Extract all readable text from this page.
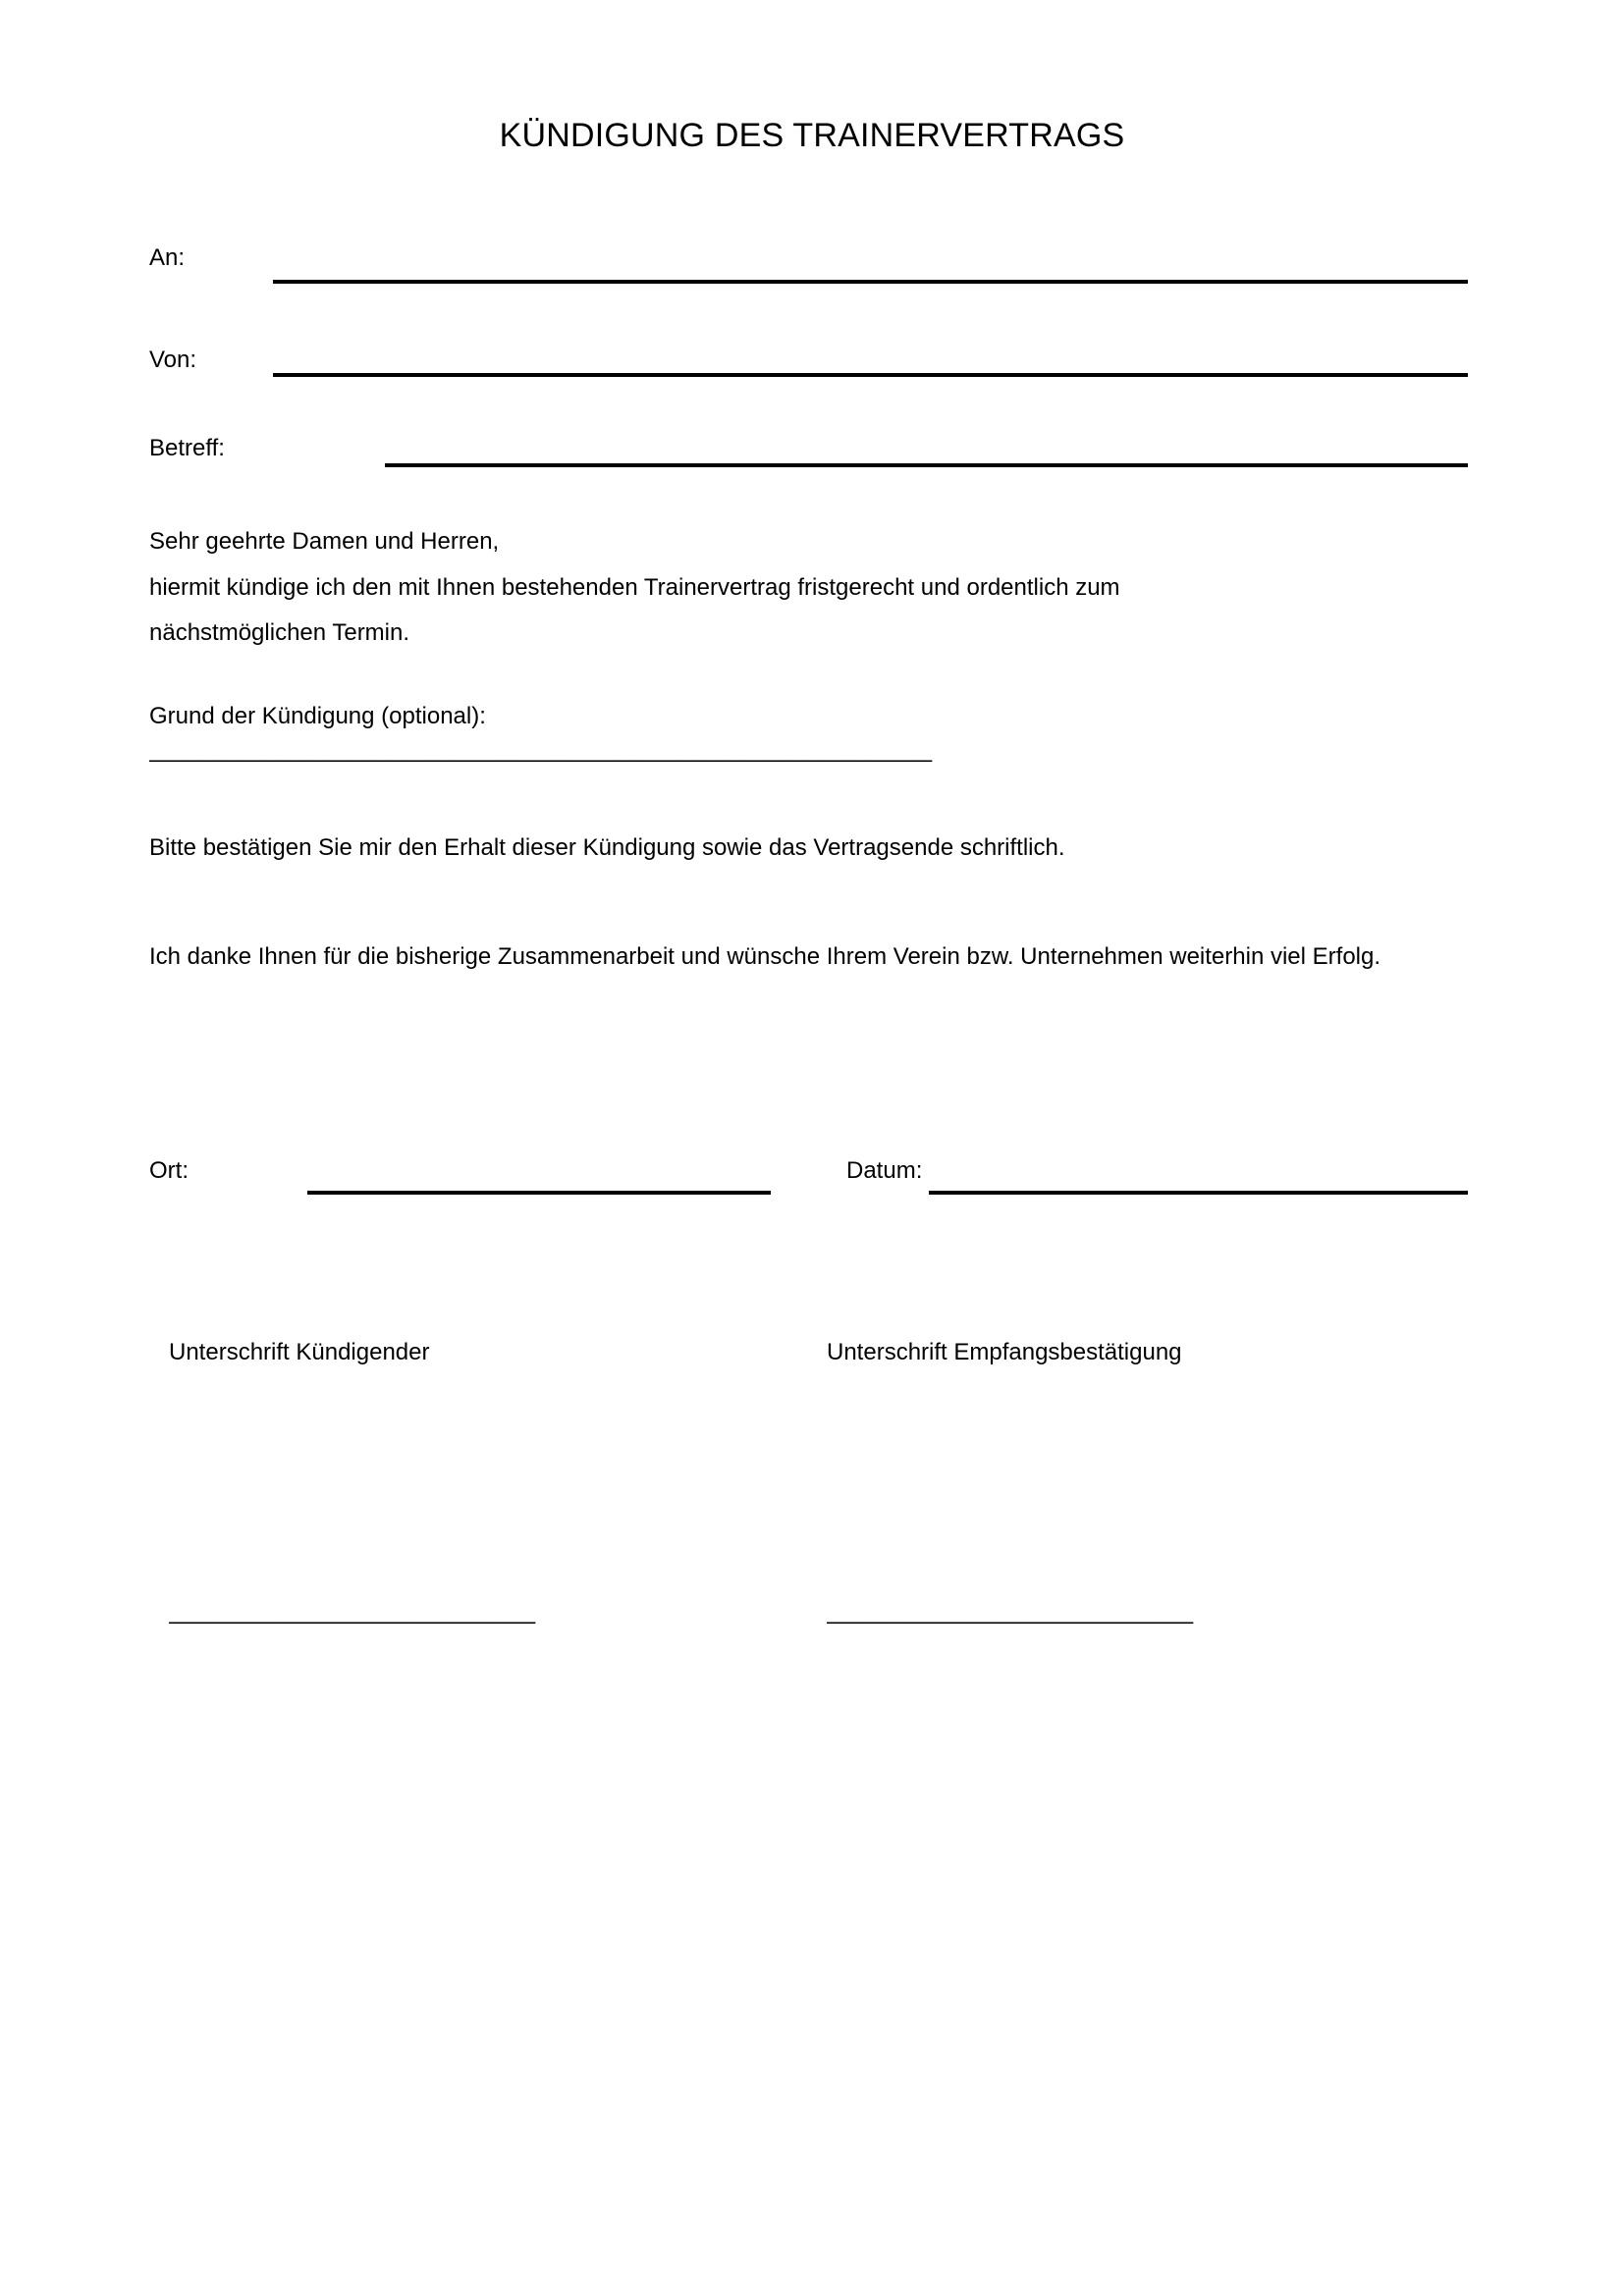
KÜNDIGUNG DES TRAINERVERTRAGS
An:
Von:
Betreff:
Sehr geehrte Damen und Herren,
hiermit kündige ich den mit Ihnen bestehenden Trainervertrag fristgerecht und ordentlich zum
nächstmöglichen Termin.
Grund der Kündigung (optional):
______________________________________________________________
Bitte bestätigen Sie mir den Erhalt dieser Kündigung sowie das Vertragsende schriftlich.
Ich danke Ihnen für die bisherige Zusammenarbeit und wünsche Ihrem Verein bzw. Unternehmen weiterhin viel Erfolg.
Ort:	Datum:
Unterschrift Kündigender	Unterschrift Empfangsbestätigung
_____________________________	_____________________________
